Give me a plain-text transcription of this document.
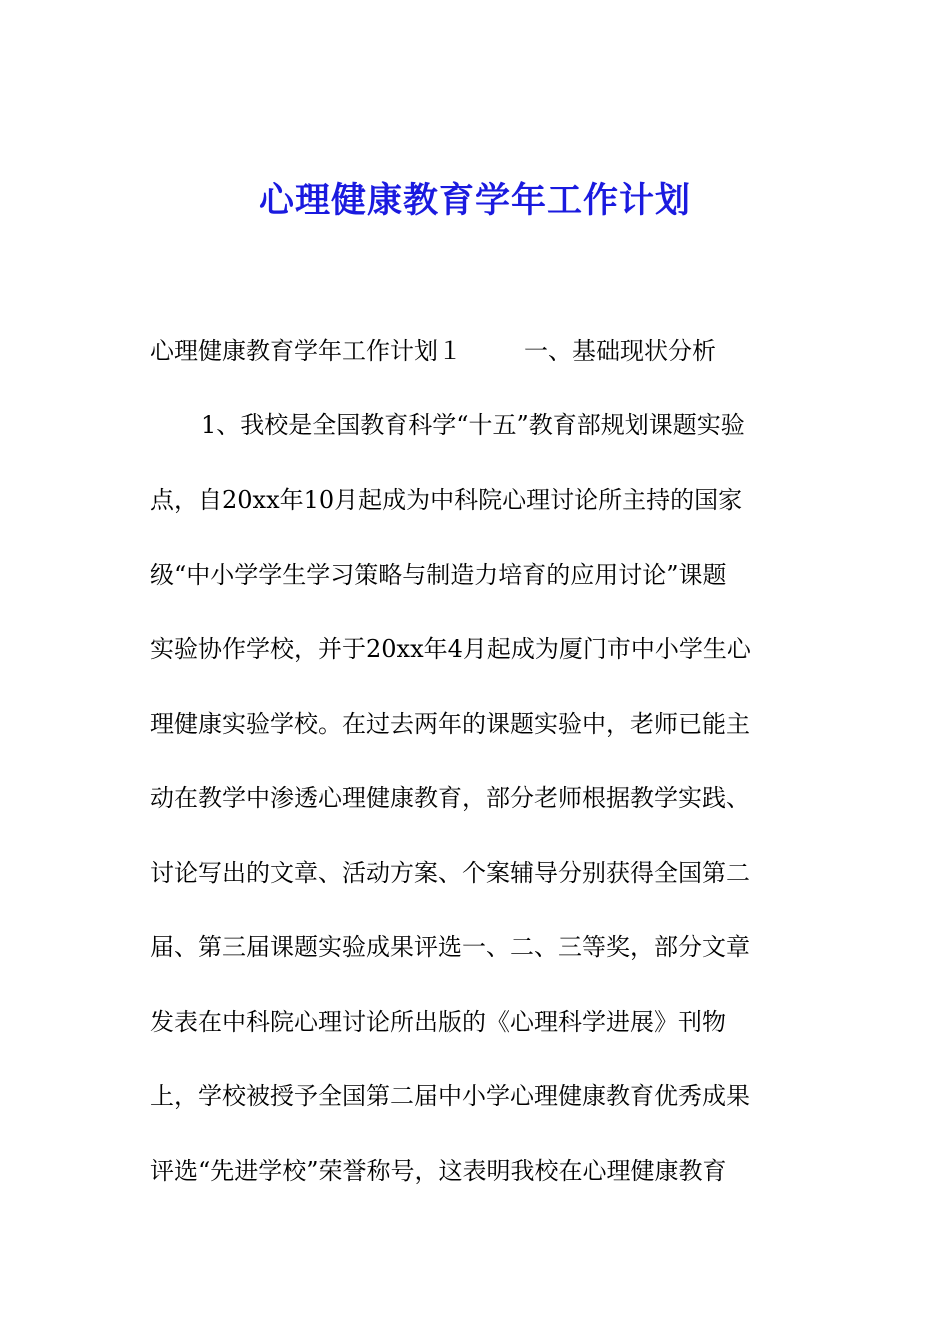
心理健康教育学年工作计划
心理健康教育学年工作计划１	一、基础现状分析
1、我校是全国教育科学“十五”教育部规划课题实验
点，自20xx年10月起成为中科院心理讨论所主持的国家
级“中小学学生学习策略与制造力培育的应用讨论”课题
实验协作学校，并于20xx年4月起成为厦门市中小学生心
理健康实验学校。在过去两年的课题实验中，老师已能主
动在教学中渗透心理健康教育，部分老师根据教学实践、
讨论写出的文章、活动方案、个案辅导分别获得全国第二
届、第三届课题实验成果评选一、二、三等奖，部分文章
发表在中科院心理讨论所出版的《心理科学进展》刊物
上，学校被授予全国第二届中小学心理健康教育优秀成果
评选“先进学校”荣誉称号，这表明我校在心理健康教育
